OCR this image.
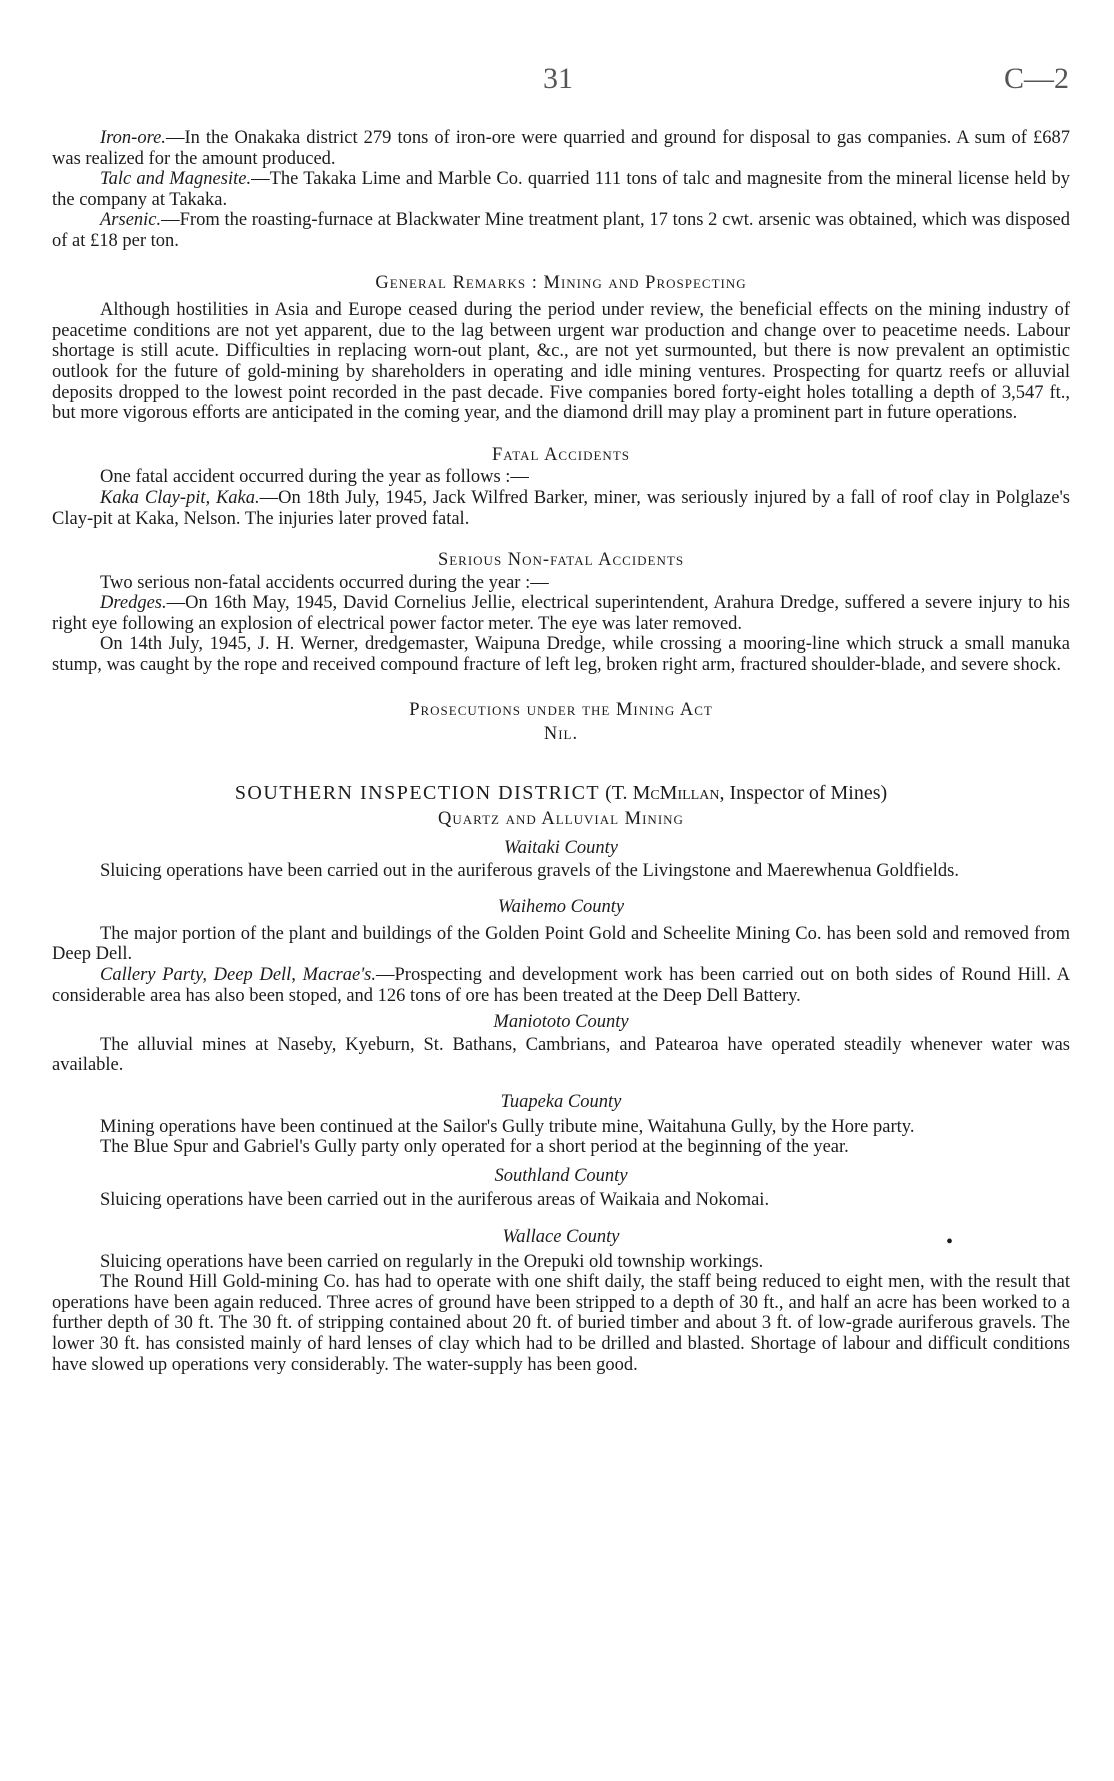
31	C—2

Iron-ore.—In the Onakaka district 279 tons of iron-ore were quarried and ground for disposal to gas companies. A sum of £687 was realized for the amount produced.

Talc and Magnesite.—The Takaka Lime and Marble Co. quarried 111 tons of talc and magnesite from the mineral license held by the company at Takaka.

Arsenic.—From the roasting-furnace at Blackwater Mine treatment plant, 17 tons 2 cwt. arsenic was obtained, which was disposed of at £18 per ton.

General Remarks : Mining and Prospecting

Although hostilities in Asia and Europe ceased during the period under review, the beneficial effects on the mining industry of peacetime conditions are not yet apparent, due to the lag between urgent war production and change over to peacetime needs. Labour shortage is still acute. Difficulties in replacing worn-out plant, &c., are not yet surmounted, but there is now prevalent an optimistic outlook for the future of gold-mining by shareholders in operating and idle mining ventures. Prospecting for quartz reefs or alluvial deposits dropped to the lowest point recorded in the past decade. Five companies bored forty-eight holes totalling a depth of 3,547 ft., but more vigorous efforts are anticipated in the coming year, and the diamond drill may play a prominent part in future operations.

Fatal Accidents

One fatal accident occurred during the year as follows :—

Kaka Clay-pit, Kaka.—On 18th July, 1945, Jack Wilfred Barker, miner, was seriously injured by a fall of roof clay in Polglaze's Clay-pit at Kaka, Nelson. The injuries later proved fatal.

Serious Non-fatal Accidents

Two serious non-fatal accidents occurred during the year :—

Dredges.—On 16th May, 1945, David Cornelius Jellie, electrical superintendent, Arahura Dredge, suffered a severe injury to his right eye following an explosion of electrical power factor meter. The eye was later removed.

On 14th July, 1945, J. H. Werner, dredgemaster, Waipuna Dredge, while crossing a mooring-line which struck a small manuka stump, was caught by the rope and received compound fracture of left leg, broken right arm, fractured shoulder-blade, and severe shock.

Prosecutions under the Mining Act

Nil.

SOUTHERN INSPECTION DISTRICT (T. McMillan, Inspector of Mines)

Quartz and Alluvial Mining

Waitaki County

Sluicing operations have been carried out in the auriferous gravels of the Livingstone and Maerewhenua Goldfields.

Waihemo County

The major portion of the plant and buildings of the Golden Point Gold and Scheelite Mining Co. has been sold and removed from Deep Dell.

Callery Party, Deep Dell, Macrae's.—Prospecting and development work has been carried out on both sides of Round Hill. A considerable area has also been stoped, and 126 tons of ore has been treated at the Deep Dell Battery.

Maniototo County

The alluvial mines at Naseby, Kyeburn, St. Bathans, Cambrians, and Patearoa have operated steadily whenever water was available.

Tuapeka County

Mining operations have been continued at the Sailor's Gully tribute mine, Waitahuna Gully, by the Hore party.

The Blue Spur and Gabriel's Gully party only operated for a short period at the beginning of the year.

Southland County

Sluicing operations have been carried out in the auriferous areas of Waikaia and Nokomai.

Wallace County

Sluicing operations have been carried on regularly in the Orepuki old township workings.

The Round Hill Gold-mining Co. has had to operate with one shift daily, the staff being reduced to eight men, with the result that operations have been again reduced. Three acres of ground have been stripped to a depth of 30 ft., and half an acre has been worked to a further depth of 30 ft. The 30 ft. of stripping contained about 20 ft. of buried timber and about 3 ft. of low-grade auriferous gravels. The lower 30 ft. has consisted mainly of hard lenses of clay which had to be drilled and blasted. Shortage of labour and difficult conditions have slowed up operations very considerably. The water-supply has been good.

•
